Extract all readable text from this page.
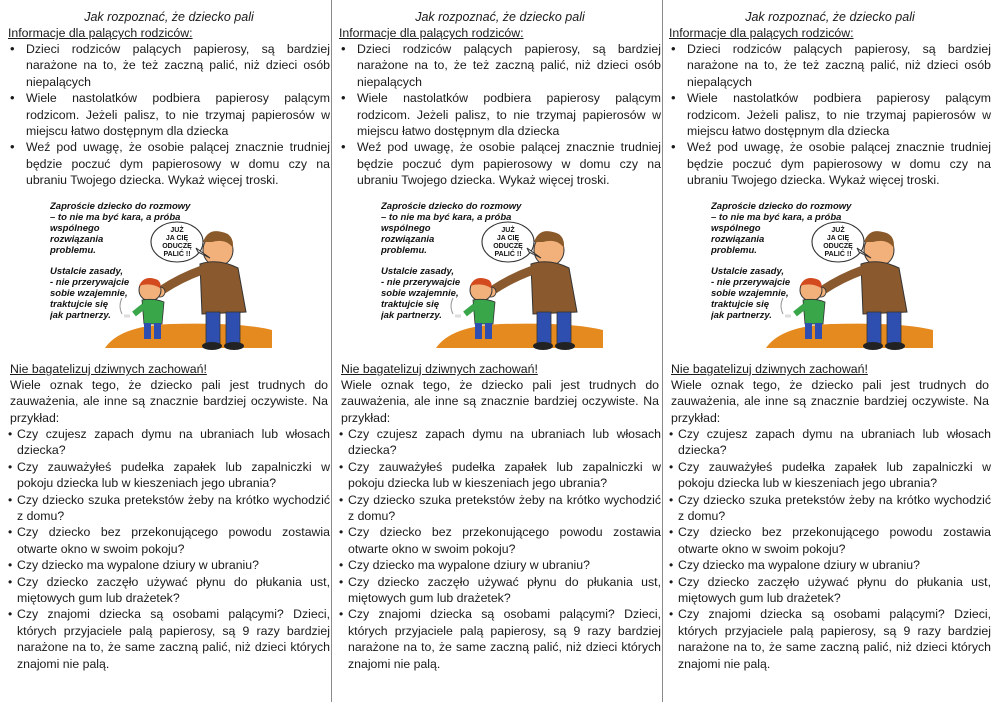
Jak rozpoznać, że dziecko pali
Informacje dla palących rodziców:
• Dzieci rodziców palących papierosy, są bardziej narażone na to, że też zaczną palić, niż dzieci osób niepalących
• Wiele nastolatków podbiera papierosy palącym rodzicom. Jeżeli palisz, to nie trzymaj papierosów w miejscu łatwo dostępnym dla dziecka
• Weź pod uwagę, że osobie palącej znacznie trudniej będzie poczuć dym papierosowy w domu czy na ubraniu Twojego dziecka. Wykaż więcej troski.
JUŻ
JA CIĘ
ODUCZĘ
PALIĆ !!
Zaproście dziecko do rozmowy
– to nie ma być kara, a próba
wspólnego
rozwiązania
problemu.
Ustalcie zasady,
- nie przerywajcie
sobie wzajemnie,
traktujcie się
jak partnerzy.
Nie bagatelizuj dziwnych zachowań!
Wiele oznak tego, że dziecko pali jest trudnych do zauważenia, ale inne są znacznie bardziej oczywiste. Na przykład:
• Czy czujesz zapach dymu na ubraniach lub włosach dziecka?
• Czy zauważyłeś pudełka zapałek lub zapalniczki w pokoju dziecka lub w kieszeniach jego ubrania?
• Czy dziecko szuka pretekstów żeby na krótko wychodzić z domu?
• Czy dziecko bez przekonującego powodu zostawia otwarte okno w swoim pokoju?
• Czy dziecko ma wypalone dziury w ubraniu?
• Czy dziecko zaczęło używać płynu do płukania ust, miętowych gum lub drażetek?
• Czy znajomi dziecka są osobami palącymi? Dzieci, których przyjaciele palą papierosy, są 9 razy bardziej narażone na to, że same zaczną palić, niż dzieci których znajomi nie palą.
Jak rozpoznać, że dziecko pali
Informacje dla palących rodziców:
• Dzieci rodziców palących papierosy, są bardziej narażone na to, że też zaczną palić, niż dzieci osób niepalących
• Wiele nastolatków podbiera papierosy palącym rodzicom. Jeżeli palisz, to nie trzymaj papierosów w miejscu łatwo dostępnym dla dziecka
• Weź pod uwagę, że osobie palącej znacznie trudniej będzie poczuć dym papierosowy w domu czy na ubraniu Twojego dziecka. Wykaż więcej troski.
JUŻ
JA CIĘ
ODUCZĘ
PALIĆ !!
Zaproście dziecko do rozmowy
– to nie ma być kara, a próba
wspólnego
rozwiązania
problemu.
Ustalcie zasady,
- nie przerywajcie
sobie wzajemnie,
traktujcie się
jak partnerzy.
Nie bagatelizuj dziwnych zachowań!
Wiele oznak tego, że dziecko pali jest trudnych do zauważenia, ale inne są znacznie bardziej oczywiste. Na przykład:
• Czy czujesz zapach dymu na ubraniach lub włosach dziecka?
• Czy zauważyłeś pudełka zapałek lub zapalniczki w pokoju dziecka lub w kieszeniach jego ubrania?
• Czy dziecko szuka pretekstów żeby na krótko wychodzić z domu?
• Czy dziecko bez przekonującego powodu zostawia otwarte okno w swoim pokoju?
• Czy dziecko ma wypalone dziury w ubraniu?
• Czy dziecko zaczęło używać płynu do płukania ust, miętowych gum lub drażetek?
• Czy znajomi dziecka są osobami palącymi? Dzieci, których przyjaciele palą papierosy, są 9 razy bardziej narażone na to, że same zaczną palić, niż dzieci których znajomi nie palą.
Jak rozpoznać, że dziecko pali
Informacje dla palących rodziców:
• Dzieci rodziców palących papierosy, są bardziej narażone na to, że też zaczną palić, niż dzieci osób niepalących
• Wiele nastolatków podbiera papierosy palącym rodzicom. Jeżeli palisz, to nie trzymaj papierosów w miejscu łatwo dostępnym dla dziecka
• Weź pod uwagę, że osobie palącej znacznie trudniej będzie poczuć dym papierosowy w domu czy na ubraniu Twojego dziecka. Wykaż więcej troski.
JUŻ
JA CIĘ
ODUCZĘ
PALIĆ !!
Zaproście dziecko do rozmowy
– to nie ma być kara, a próba
wspólnego
rozwiązania
problemu.
Ustalcie zasady,
- nie przerywajcie
sobie wzajemnie,
traktujcie się
jak partnerzy.
Nie bagatelizuj dziwnych zachowań!
Wiele oznak tego, że dziecko pali jest trudnych do zauważenia, ale inne są znacznie bardziej oczywiste. Na przykład:
• Czy czujesz zapach dymu na ubraniach lub włosach dziecka?
• Czy zauważyłeś pudełka zapałek lub zapalniczki w pokoju dziecka lub w kieszeniach jego ubrania?
• Czy dziecko szuka pretekstów żeby na krótko wychodzić z domu?
• Czy dziecko bez przekonującego powodu zostawia otwarte okno w swoim pokoju?
• Czy dziecko ma wypalone dziury w ubraniu?
• Czy dziecko zaczęło używać płynu do płukania ust, miętowych gum lub drażetek?
• Czy znajomi dziecka są osobami palącymi? Dzieci, których przyjaciele palą papierosy, są 9 razy bardziej narażone na to, że same zaczną palić, niż dzieci których znajomi nie palą.
